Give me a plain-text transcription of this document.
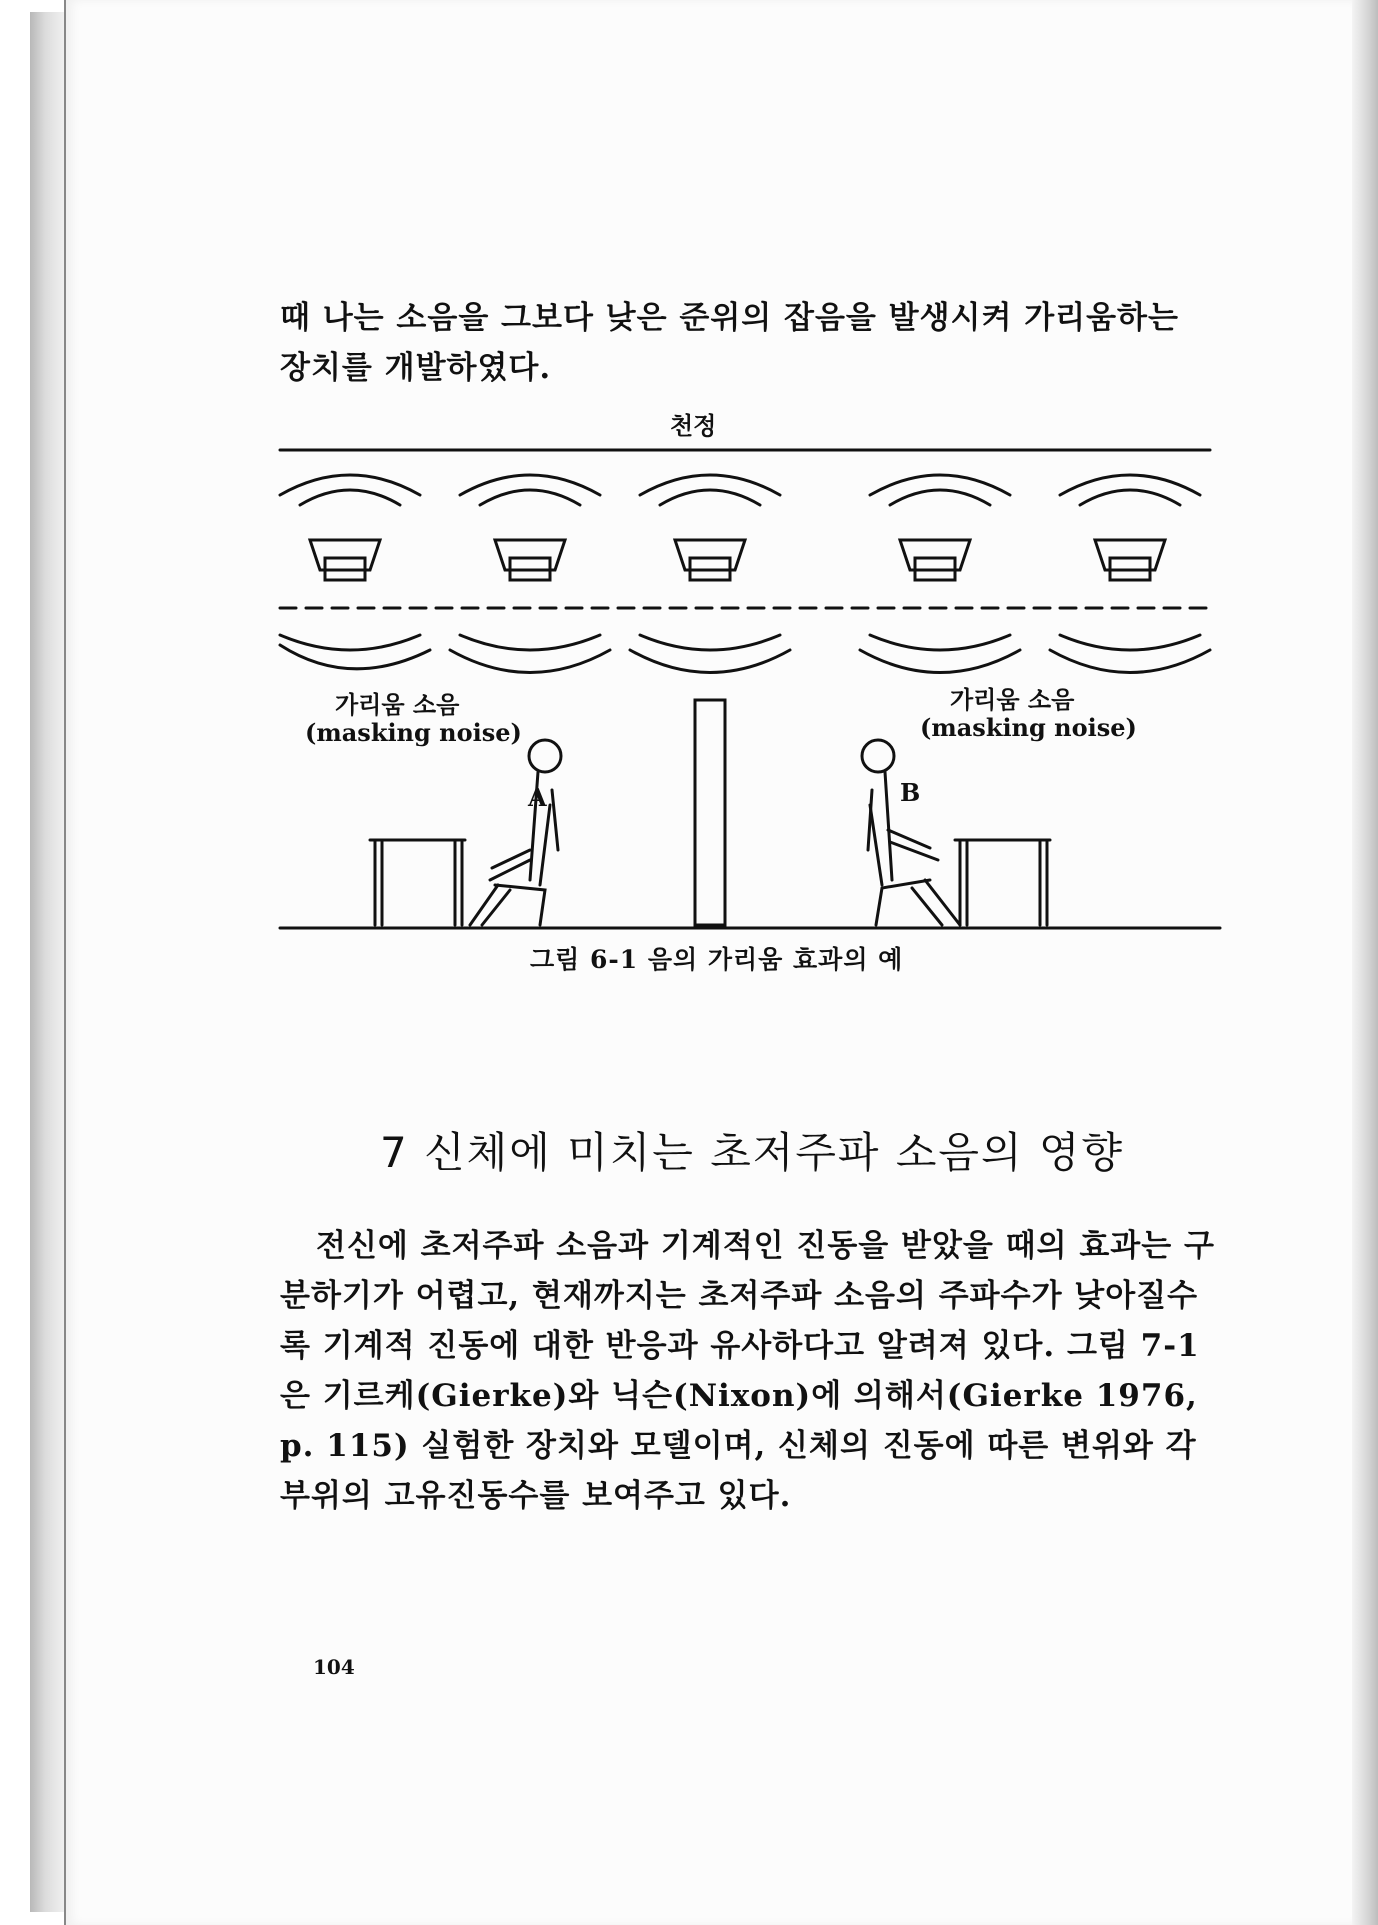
때 나는 소음을 그보다 낮은 준위의 잡음을 발생시켜 가리움하는 장치를 개발하였다.

천정
가리움 소음
(masking noise)
가리움 소음
(masking noise)
A	B
그림 6-1 음의 가리움 효과의 예
7 신체에 미치는 초저주파 소음의 영향

전신에 초저주파 소음과 기계적인 진동을 받았을 때의 효과는 구분하기가 어렵고, 현재까지는 초저주파 소음의 주파수가 낮아질수록 기계적 진동에 대한 반응과 유사하다고 알려져 있다. 그림 7-1은 기르케(Gierke)와 닉슨(Nixon)에 의해서(Gierke 1976, p. 115) 실험한 장치와 모델이며, 신체의 진동에 따른 변위와 각 부위의 고유진동수를 보여주고 있다.

104
